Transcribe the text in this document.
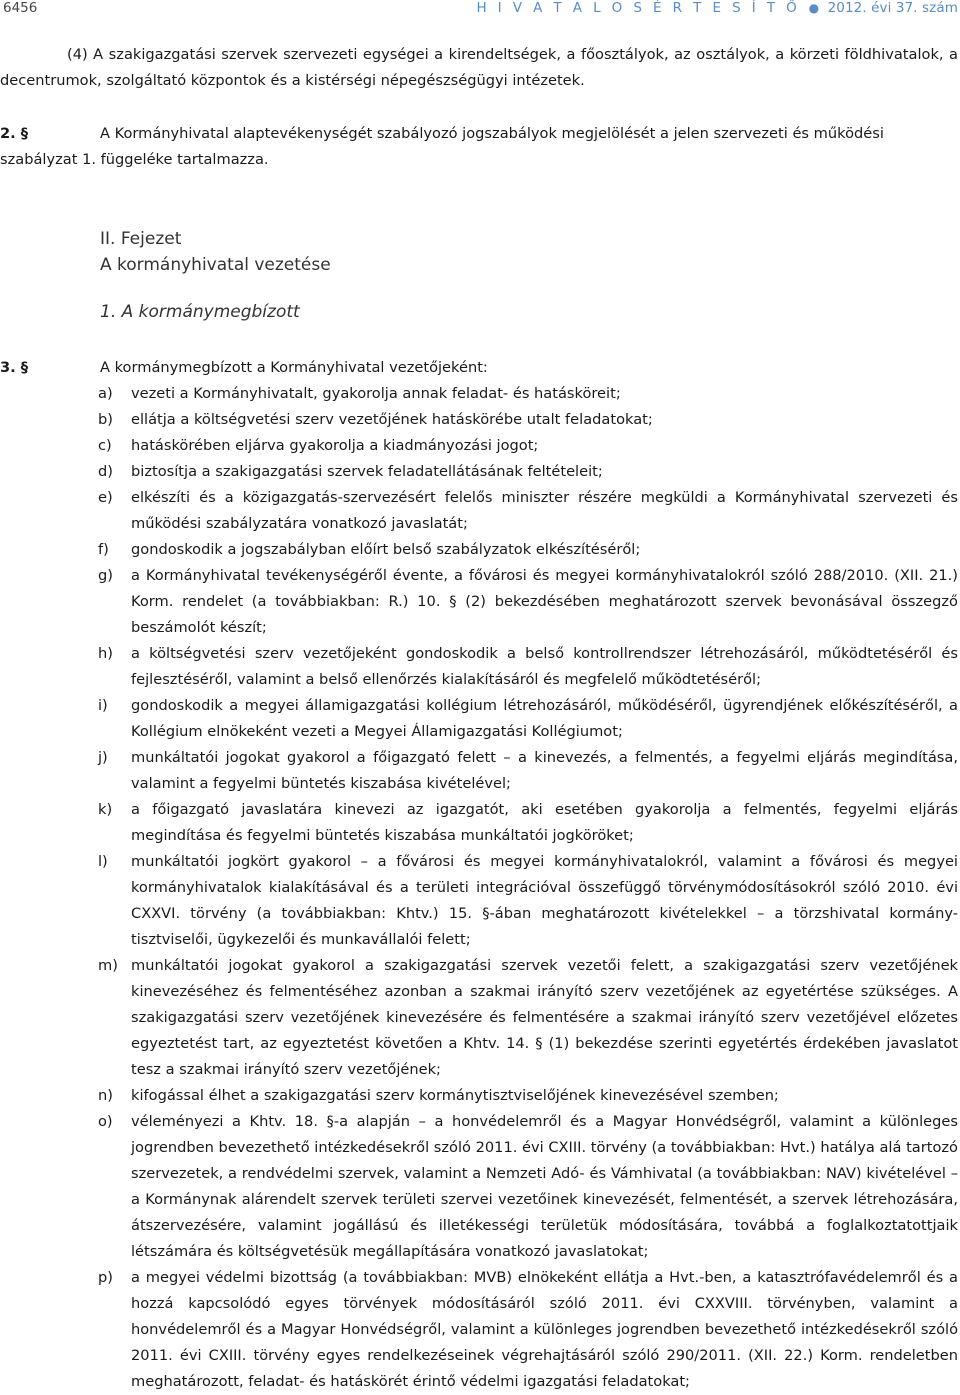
6456	H I V A T A L O S É R T E S Í T Ő ● 2012. évi 37. szám

(4) A szakigazgatási szervek szervezeti egységei a kirendeltségek, a főosztályok, az osztályok, a körzeti földhivatalok, a decentrumok, szolgáltató központok és a kistérségi népegészségügyi intézetek.

2. §	A Kormányhivatal alaptevékenységét szabályozó jogszabályok megjelölését a jelen szervezeti és működési szabályzat 1. függeléke tartalmazza.
II. Fejezet
A kormányhivatal vezetése
1. A kormánymegbízott
3. §	A kormánymegbízott a Kormányhivatal vezetőjeként:
a) vezeti a Kormányhivatalt, gyakorolja annak feladat- és hatásköreit;
b) ellátja a költségvetési szerv vezetőjének hatáskörébe utalt feladatokat;
c) hatáskörében eljárva gyakorolja a kiadmányozási jogot;
d) biztosítja a szakigazgatási szervek feladatellátásának feltételeit;
e) elkészíti és a közigazgatás-szervezésért felelős miniszter részére megküldi a Kormányhivatal szervezeti és működési szabályzatára vonatkozó javaslatát;
f) gondoskodik a jogszabályban előírt belső szabályzatok elkészítéséről;
g) a Kormányhivatal tevékenységéről évente, a fővárosi és megyei kormányhivatalokról szóló 288/2010. (XII. 21.) Korm. rendelet (a továbbiakban: R.) 10. § (2) bekezdésében meghatározott szervek bevonásával összegző beszámolót készít;
h) a költségvetési szerv vezetőjeként gondoskodik a belső kontrollrendszer létrehozásáról, működtetéséről és fejlesztéséről, valamint a belső ellenőrzés kialakításáról és megfelelő működtetéséről;
i) gondoskodik a megyei államigazgatási kollégium létrehozásáról, működéséről, ügyrendjének előkészítéséről, a Kollégium elnökeként vezeti a Megyei Államigazgatási Kollégiumot;
j) munkáltatói jogokat gyakorol a főigazgató felett – a kinevezés, a felmentés, a fegyelmi eljárás megindítása, valamint a fegyelmi büntetés kiszabása kivételével;
k) a főigazgató javaslatára kinevezi az igazgatót, aki esetében gyakorolja a felmentés, fegyelmi eljárás megindítása és fegyelmi büntetés kiszabása munkáltatói jogköröket;
l) munkáltatói jogkört gyakorol – a fővárosi és megyei kormányhivatalokról, valamint a fővárosi és megyei kormányhivatalok kialakításával és a területi integrációval összefüggő törvénymódosításokról szóló 2010. évi CXXVI. törvény (a továbbiakban: Khtv.) 15. §-ában meghatározott kivételekkel – a törzshivatal kormány-tisztviselői, ügykezelői és munkavállalói felett;
m) munkáltatói jogokat gyakorol a szakigazgatási szervek vezetői felett, a szakigazgatási szerv vezetőjének kinevezéséhez és felmentéséhez azonban a szakmai irányító szerv vezetőjének az egyetértése szükséges. A szakigazgatási szerv vezetőjének kinevezésére és felmentésére a szakmai irányító szerv vezetőjével előzetes egyeztetést tart, az egyeztetést követően a Khtv. 14. § (1) bekezdése szerinti egyetértés érdekében javaslatot tesz a szakmai irányító szerv vezetőjének;
n) kifogással élhet a szakigazgatási szerv kormánytisztviselőjének kinevezésével szemben;
o) véleményezi a Khtv. 18. §-a alapján – a honvédelemről és a Magyar Honvédségről, valamint a különleges jogrendben bevezethető intézkedésekről szóló 2011. évi CXIII. törvény (a továbbiakban: Hvt.) hatálya alá tartozó szervezetek, a rendvédelmi szervek, valamint a Nemzeti Adó- és Vámhivatal (a továbbiakban: NAV) kivételével – a Kormánynak alárendelt szervek területi szervei vezetőinek kinevezését, felmentését, a szervek létrehozására, átszervezésére, valamint jogállású és illetékességi területük módosítására, továbbá a foglalkoztatottjaik létszámára és költségvetésük megállapítására vonatkozó javaslatokat;
p) a megyei védelmi bizottság (a továbbiakban: MVB) elnökeként ellátja a Hvt.-ben, a katasztrófavédelemről és a hozzá kapcsolódó egyes törvények módosításáról szóló 2011. évi CXXVIII. törvényben, valamint a honvédelemről és a Magyar Honvédségről, valamint a különleges jogrendben bevezethető intézkedésekről szóló 2011. évi CXIII. törvény egyes rendelkezéseinek végrehajtásáról szóló 290/2011. (XII. 22.) Korm. rendeletben meghatározott, feladat- és hatáskörét érintő védelmi igazgatási feladatokat;
